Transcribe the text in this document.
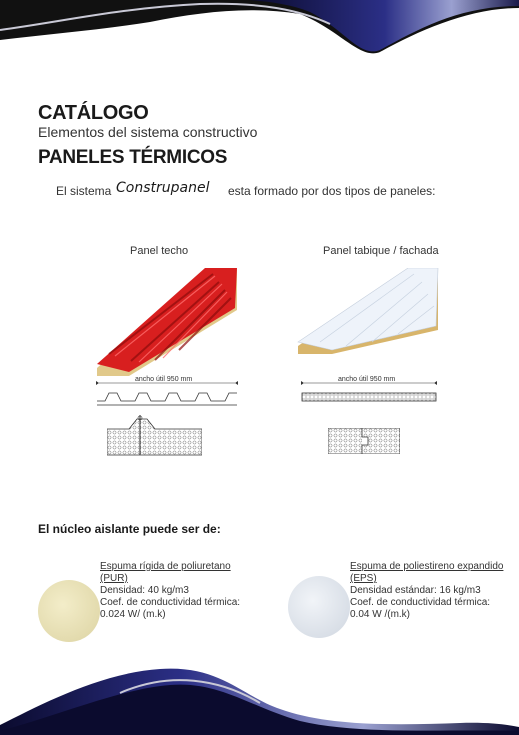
CATÁLOGO
Elementos del sistema constructivo
PANELES TÉRMICOS
El sistema Construpanel esta formado por dos tipos de paneles:
Panel techo
ancho útil 950 mm
Panel tabique / fachada
ancho útil 950 mm
El núcleo aislante puede ser de:
Espuma rígida de poliuretano
(PUR)
Densidad: 40 kg/m3
Coef. de conductividad térmica:
0.024 W/ (m.k)
Espuma de poliestireno expandido
(EPS)
Densidad estándar: 16 kg/m3
Coef. de conductividad térmica:
0.04 W /(m.k)
